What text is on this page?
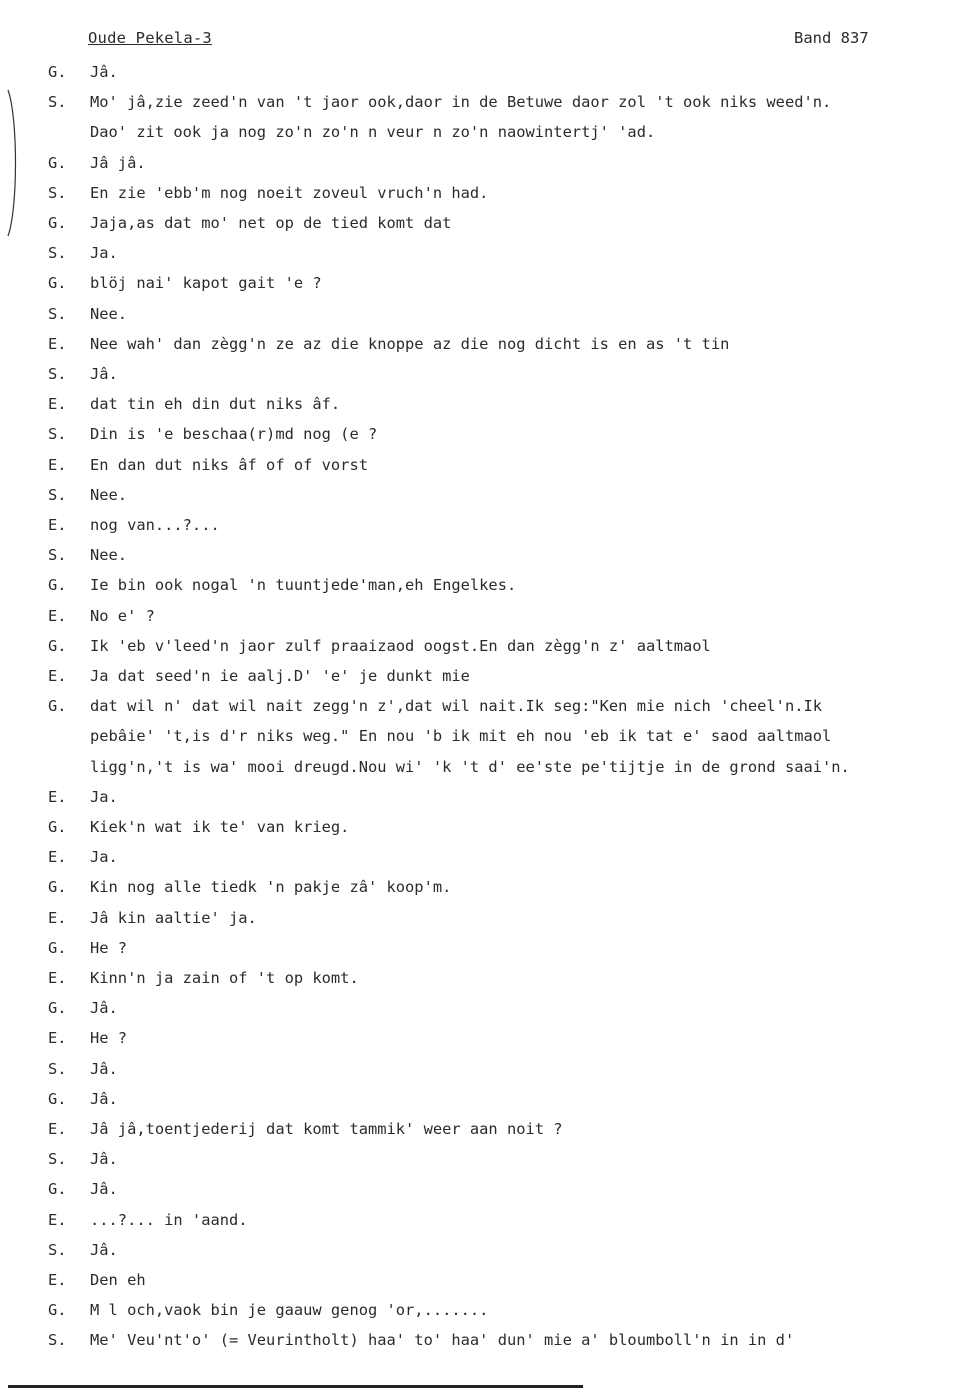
Oude Pekela-3	Band 837
G. Jâ.
S. Mo' jâ,zie zeed'n van 't jaor ook,daor in de Betuwe daor zol 't ook niks weed'n.
Dao' zit ook ja nog zo'n zo'n n veur n zo'n naowintertj' 'ad.
G. Jâ jâ.
S. En zie 'ebb'm nog noeit zoveul vruch'n had.
G. Jaja,as dat mo' net op de tied komt dat
S. Ja.
G. blöj nai' kapot gait 'e ?
S. Nee.
E. Nee wah' dan zègg'n ze az die knoppe az die nog dicht is en as 't tin
S. Jâ.
E. dat tin eh din dut niks âf.
S. Din is 'e beschaa(r)md nog (e ?
E. En dan dut niks âf of of vorst
S. Nee.
E. nog van...?...
S. Nee.
G. Ie bin ook nogal 'n tuuntjede'man,eh Engelkes.
E. No e' ?
G. Ik 'eb v'leed'n jaor zulf praaizaod oogst.En dan zègg'n z' aaltmaol
E. Ja dat seed'n ie aalj.D' 'e' je dunkt mie
G. dat wil n' dat wil nait zegg'n z',dat wil nait.Ik seg:"Ken mie nich 'cheel'n.Ik
pebâie' 't,is d'r niks weg." En nou 'b ik mit eh nou 'eb ik tat e' saod aaltmaol
ligg'n,'t is wa' mooi dreugd.Nou wi' 'k 't d' ee'ste pe'tijtje in de grond saai'n.
E. Ja.
G. Kiek'n wat ik te' van krieg.
E. Ja.
G. Kin nog alle tiedk 'n pakje zâ' koop'm.
E. Jâ kin aaltie' ja.
G. He ?
E. Kinn'n ja zain of 't op komt.
G. Jâ.
E. He ?
S. Jâ.
G. Jâ.
E. Jâ jâ,toentjederij dat komt tammik' weer aan noit ?
S. Jâ.
G. Jâ.
E. ...?... in 'aand.
S. Jâ.
E. Den eh
G. M l och,vaok bin je gaauw genog 'or,.......
S. Me' Veu'nt'o' (= Veurintholt) haa' to' haa' dun' mie a' bloumboll'n in in d'
